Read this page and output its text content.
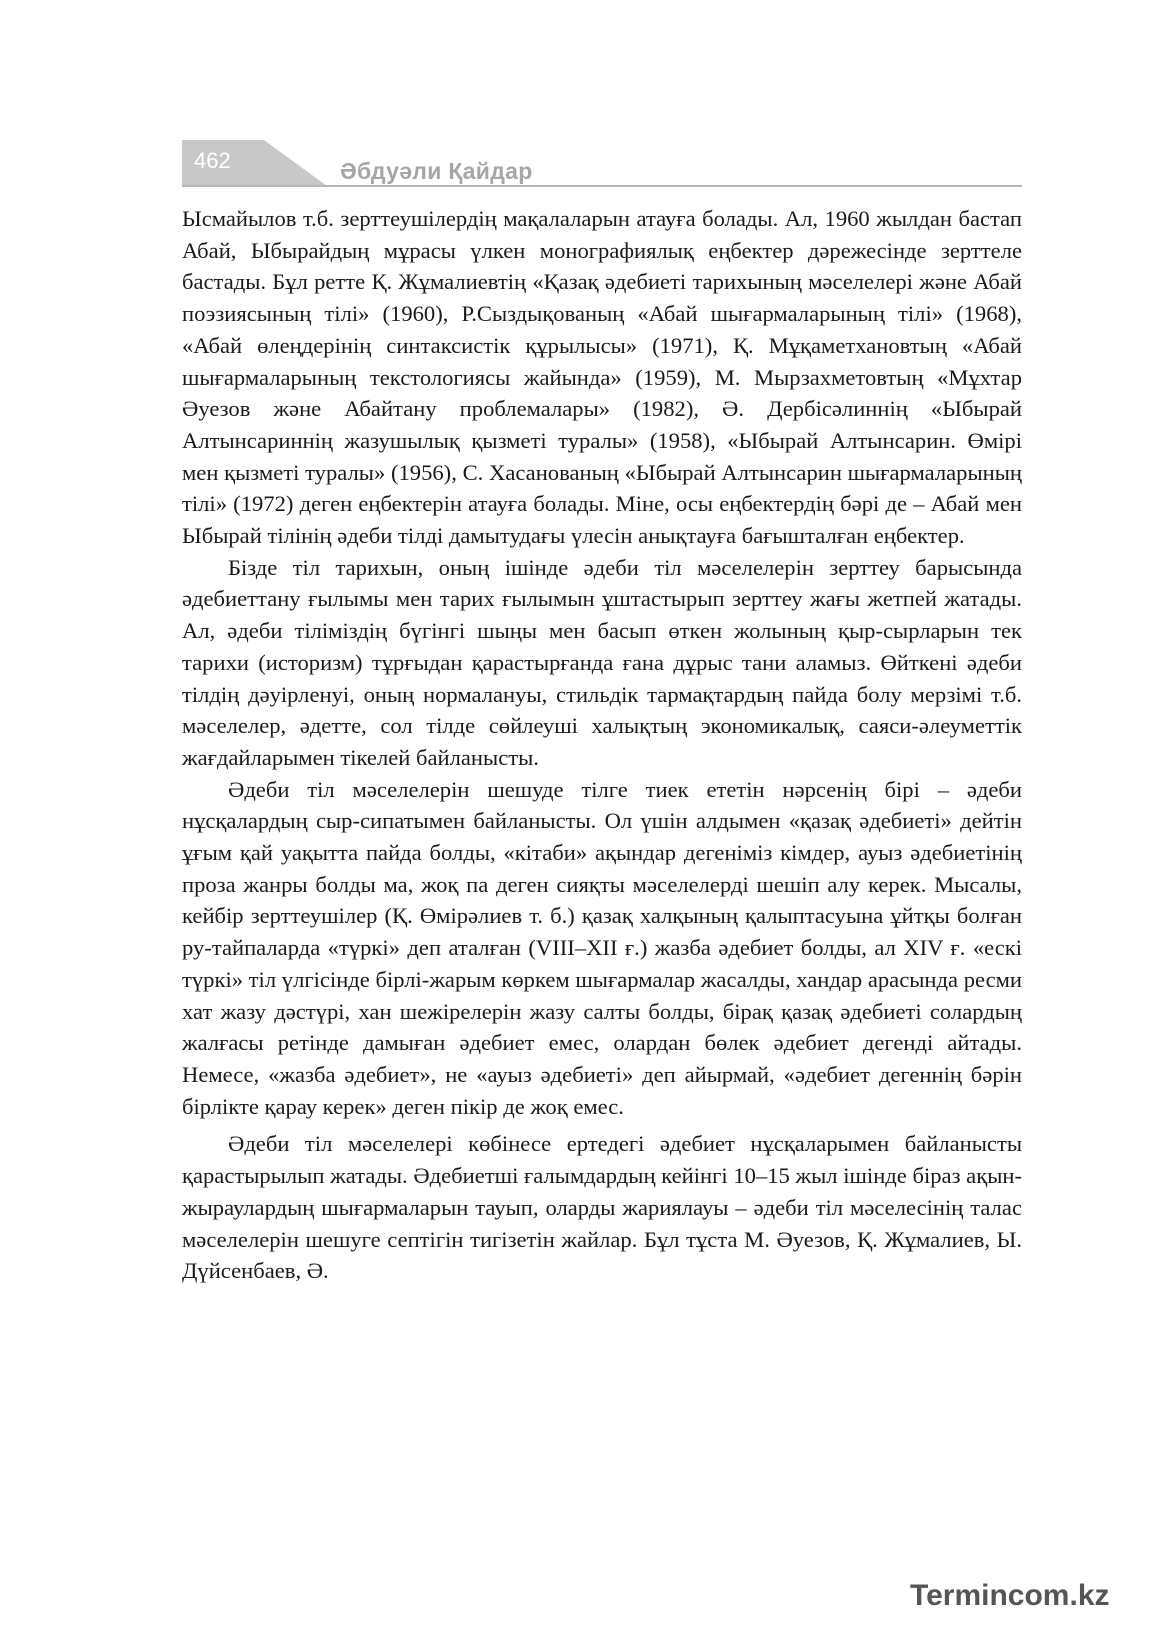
462	Әбдуәли Қайдар

Ысмайылов т.б. зерттеушілердің мақалаларын атауға болады. Ал, 1960 жылдан бастап Абай, Ыбырайдың мұрасы үлкен монографиялық еңбектер дәрежесінде зерттеле бастады. Бұл ретте Қ. Жұмалиевтің «Қазақ әдебиеті тарихының мәселелері және Абай поэзиясының тілі» (1960), Р.Сыздықованың «Абай шығармаларының тілі» (1968), «Абай өлеңдерінің синтаксистік құрылысы» (1971), Қ. Мұқаметхановтың «Абай шығармаларының текстологиясы жайында» (1959), М. Мырзахметовтың «Мұхтар Әуезов және Абайтану проблемалары» (1982), Ә. Дербісәлиннің «Ыбырай Алтынсариннің жазушылық қызметі туралы» (1958), «Ыбырай Алтынсарин. Өмірі мен қызметі туралы» (1956), С. Хасанованың «Ыбырай Алтынсарин шығармаларының тілі» (1972) деген еңбектерін атауға болады. Міне, осы еңбектердің бәрі де – Абай мен Ыбырай тілінің әдеби тілді дамытудағы үлесін анықтауға бағышталған еңбектер.

Бізде тіл тарихын, оның ішінде әдеби тіл мәселелерін зерттеу барысында әдебиеттану ғылымы мен тарих ғылымын ұштастырып зерттеу жағы жетпей жатады. Ал, әдеби тіліміздің бүгінгі шыңы мен басып өткен жолының қыр-сырларын тек тарихи (историзм) тұрғыдан қарастырғанда ғана дұрыс тани аламыз. Өйткені әдеби тілдің дәуірленуі, оның нормалануы, стильдік тармақтардың пайда болу мерзімі т.б. мәселелер, әдетте, сол тілде сөйлеуші халықтың экономикалық, саяси-әлеуметтік жағдайларымен тікелей байланысты.

Әдеби тіл мәселелерін шешуде тілге тиек ететін нәрсенің бірі – әдеби нұсқалардың сыр-сипатымен байланысты. Ол үшін алдымен «қазақ әдебиеті» дейтін ұғым қай уақытта пайда болды, «кітаби» ақындар дегеніміз кімдер, ауыз әдебиетінің проза жанры болды ма, жоқ па деген сияқты мәселелерді шешіп алу керек. Мысалы, кейбір зерттеушілер (Қ. Өмірәлиев т. б.) қазақ халқының қалыптасуына ұйтқы болған ру-тайпаларда «түркі» деп аталған (VIII–XII ғ.) жазба әдебиет болды, ал XIV ғ. «ескі түркі» тіл үлгісінде бірлі-жарым көркем шығармалар жасалды, хандар арасында ресми хат жазу дәстүрі, хан шежірелерін жазу салты болды, бірақ қазақ әдебиеті солардың жалғасы ретінде дамыған әдебиет емес, олардан бөлек әдебиет дегенді айтады. Немесе, «жазба әдебиет», не «ауыз әдебиеті» деп айырмай, «әдебиет дегеннің бәрін бірлікте қарау керек» деген пікір де жоқ емес.

Әдеби тіл мәселелері көбінесе ертедегі әдебиет нұсқаларымен байланысты қарастырылып жатады. Әдебиетші ғалымдардың кейінгі 10–15 жыл ішінде біраз ақын-жыраулардың шығармаларын тауып, оларды жариялауы – әдеби тіл мәселесінің талас мәселелерін шешуге септігін тигізетін жайлар. Бұл тұста М. Әуезов, Қ. Жұмалиев, Ы. Дүйсенбаев, Ә.

Termincom.kz
